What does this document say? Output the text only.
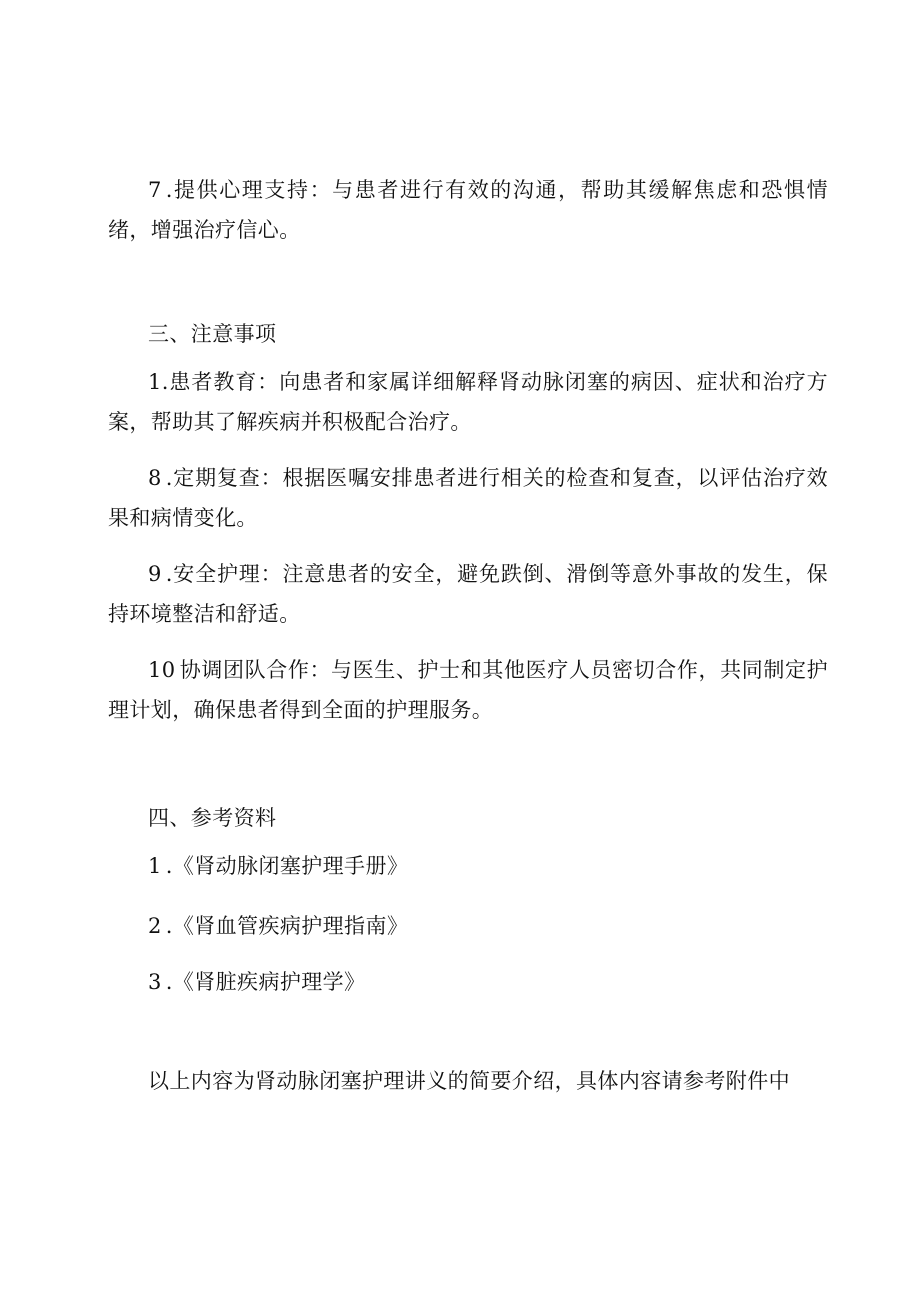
7 .提供心理支持：与患者进行有效的沟通，帮助其缓解焦虑和恐惧情绪，增强治疗信心。

三、注意事项

1.患者教育：向患者和家属详细解释肾动脉闭塞的病因、症状和治疗方案，帮助其了解疾病并积极配合治疗。

8 .定期复查：根据医嘱安排患者进行相关的检查和复查，以评估治疗效果和病情变化。

9 .安全护理：注意患者的安全，避免跌倒、滑倒等意外事故的发生，保持环境整洁和舒适。

10 协调团队合作：与医生、护士和其他医疗人员密切合作，共同制定护理计划，确保患者得到全面的护理服务。

四、参考资料

1 .《肾动脉闭塞护理手册》

2 .《肾血管疾病护理指南》

3 .《肾脏疾病护理学》

以上内容为肾动脉闭塞护理讲义的简要介绍，具体内容请参考附件中
